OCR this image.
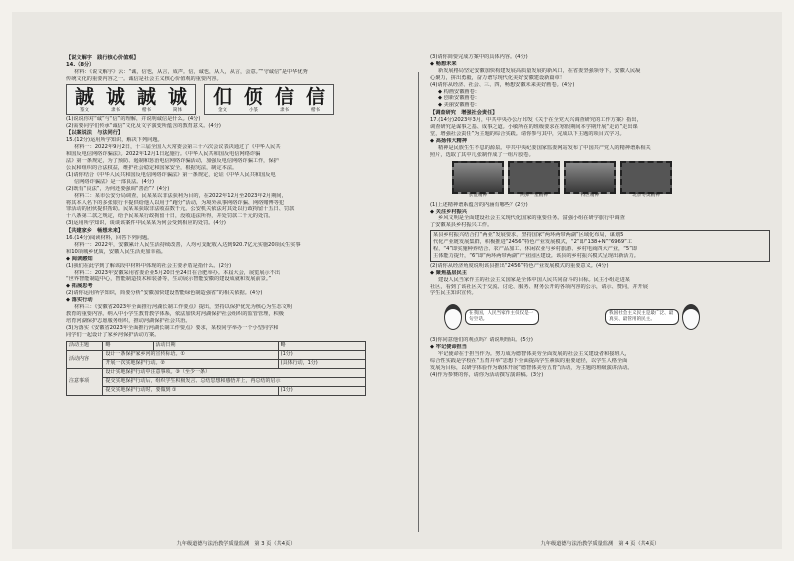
【说文解字　践行核心价值观】
14.（8分）
材料：《说文解字》云：“诚，信也，从言，成声。信，诚也，从人，从言，会意。”“守诚信”是中华优秀
传统文化的重要内容之一。诚信是社会主义核心价值观的重要内容。
誠
篆文
诚
隶书
誠
楷书
诚
简体
㐰
金文
㑔
小篆
信
隶书
信
楷书
(1)说说你对“诚”与“信”的理解，并说明诚信是什么。(4分)
(2)需要同学们传承“诚信”文化及文字演变所蕴含的教育意义。(4分)
【以案说法　与法同行】
15.(12分)运用所学知识，解决下列问题。
材料一：2022年9月2日，十三届全国人大常委会第三十六次会议表决通过了《中华人民共
和国反电信网络诈骗法》。2022年12月1日起施行。《中华人民共和国反电信网络诈骗
法》第一条规定，为了预防、遏制和惩治电信网络诈骗活动，加强反电信网络诈骗工作，保护
公民和组织的合法权益，维护社会稳定和国家安全，根据宪法，制定本法。
(1)请你结合《中华人民共和国反电信网络诈骗法》第一条规定，论证《中华人民共和国反电
信网络诈骗法》是一部良法。(4分)
(2)既有“良法”，为何还要强调“善治”？(4分)
材料二：某市公安分局调查，民某某以非法获利为目的，在2022年12月至2023年2月期间，
将其本人名下的多张银行卡提供给他人以用于“跑分”活动，为境外从事网络诈骗、网络赌博等犯
罪活动的团伙提供帮助。民某某获取非法收益数千元。公安机关依法对其处以行政拘留十五日、罚款
十八条第二款之规定，给予民某某行政拘留十日，没收违法所得，并处罚款二千元的处罚。
(3)运用所学知识，谈谈该案件中民某某为何会受到相应的处罚。(4分)
【共建家乡　畅想未来】
16.(14分)阅读材料，回答下列问题。
材料一：2022年，安徽累计人民生活持续改善，人均可支配收入达到920.7亿元实施20项民生实事
和10项城乡优质，安徽人民生活更加幸福。
◆ 阅读感知
(1)我们在此学到了解该段中材料中体现的社会主要矛盾是指什么。(2分)
材料二：2023年安徽采用省委企业5月20日至24日在合肥举办。本届大会，展览展示不出
“世界智能制造中心，智能制造技术和装备等，生动展示智能安徽的建设成就和发展前景。”
◆ 拓展思考
(2)请你运用所学知识，简要分析“安徽加快建设智能绿色制造强省”的相关依据。(4分)
◆ 落实行动
材料三：《安徽省2023年全面推行河湖长制工作要点》提出，坚持以保护优先为核心为生态文明
教育的重要内容。纳入中小学生教育教学体系，依法加快对河湖保护社会组织的监管管理，积极
培育河湖保护志愿服务组织，推动河湖保护社会共治。
(3)为落实《安徽省2023年全面推行河湖长制工作要点》要求，某校同学举办一个小型同学和
同学们一起设计了家乡河保护活动方案。
活动主题	略	活动日期	略
活动内容	设计一条保护家乡河的宣传标语。①		(1分)
	开展一次实地保护行动。②		(具体行动，1分)
注意事项	设计实地保护行动中注意事项。③（至少一条）		
	提交实地保护行动后，组织学生积极发言、总结思想和感悟并上，再总结的启示		
	提交实地保护行动时，要做到 ①		(1分)
九年级道德与法治教学质量监测　第 3 页（共4页）
(3)请你简要完成方案中的具体内容。(4分)
◆ 畅想未来
新发展格局坚定安徽加快构建发展高质量发展的新风口，在省委坚强领导下，安徽人民凝
心聚力，拼出勇毅，奋力谱写现代化美好安徽建设新篇章！
(4)请你从经济、社会、三、四，畅想安徽未来美好画卷。(4分)
◆ 构画安徽画卷：
◆ 创新安徽画卷：
◆ 美丽安徽画卷：
【调查研究　增强社会责任】
17.(14分)2023年3月，中共中央办公厅印发《关于在全党大兴调查研究的工作方案》指出，
调查研究是谋事之基、成事之道。小敏所在的班级要求在寒假期间本学期开展“走访”走出课
堂，增强社会责任”为主题的综合实践。请你参与其中，完成以下主题的项目式学习。
◆ 高扬伟大精神
精神是民族生生不息的源泉。中共中央纪委国家监委网站发布了中国共产党人的精神谱系相关
照片，选取了其中几张制作成了一组片胶卷。
长征精神	两弹一星精神	特区精神	北京冬奥精神
(1)上述精神谱系蕴含的内涵有哪些？(2分)
◆ 关注乡村振兴
乡风文明是全面建设社会主义现代化国家的重要任务。富强小组在研学旅行中调查
了安徽某县乡村振兴工作。
某县乡村振兴结合打“两业”发展要求，坚持国家“两环两带两湖”区域化布局，谋划5
代化产业链发展集群，积极推进“2456”特色产业发展模式，“2”即“138+N”“6969”工
程，“4”即实施种养结合、农产品加工、休闲农业与乡村旅游、乡村电商四大产业，“5”即
主体能力提升，“6”即“两环两带两湖”产业园区建设。该县的乡村振兴模式呈现出新活力。
(2)请你从经济角度说明该县推出“2456”特色产业发展模式的重要意义。(4分)
◆ 聚焦基层民主
建设人民当家作主的社会主义国家是全体中国人民共同奋斗的目标。民主小组走进某
社区，看到了该社区关于交流、讨论、服务、财务公开的各项内容的公示，请示、赞同，并开展
学生民主知识宣传。
在我国，人民当家作主仅仅是一句空话。
我国社会主义民主是最广泛、最真实、最管用的民主。
(3)你同意他们的观点吗？请说明理由。(5分)
◆ 牢记使命担当
牢记使命在于担当作为。努力成为德智体美劳全面发展的社会主义建设者和接班人，
综合性实践是学校在“五育并举”思想下全面提高学生素质的重要途径，以学生人格全面
发展为目标，以研学体验作为载体开展“德智体美劳五育”活动，为主题的班级演讲活动。
(4)作为参赛的你，请你为活动撰写演讲稿。(3分)
九年级道德与法治教学质量监测　第 4 页（共4页）
